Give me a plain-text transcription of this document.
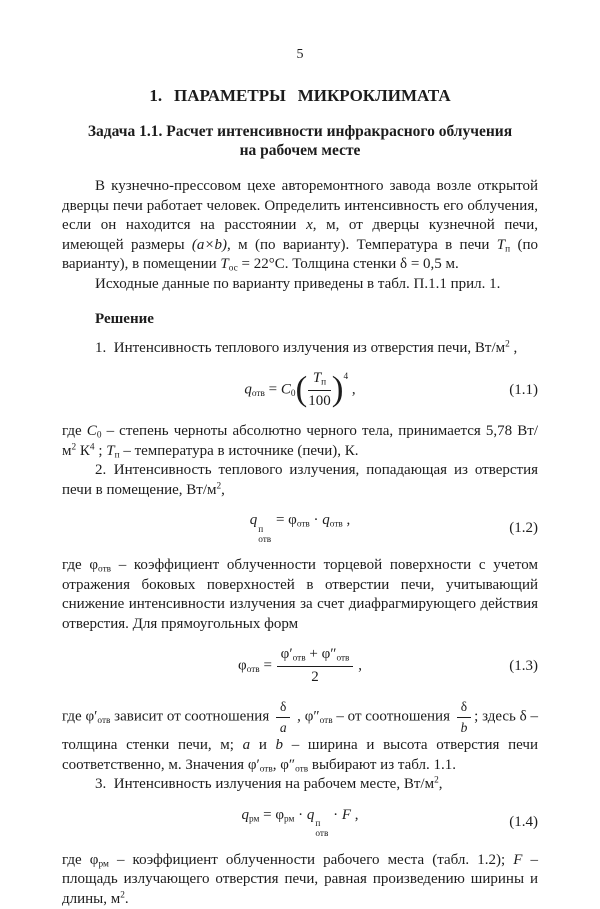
5
1. ПАРАМЕТРЫ МИКРОКЛИМАТА
Задача 1.1. Расчет интенсивности инфракрасного облучения
на рабочем месте

В кузнечно-прессовом цехе авторемонтного завода возле открытой дверцы печи работает человек. Определить интенсивность его облучения, если он находится на расстоянии x, м, от дверцы кузнечной печи, имеющей размеры (a×b), м (по варианту). Температура в печи $T_п$ (по варианту), в помещении $T_{ос} = 22^\circ С$. Толщина стенки δ = 0,5 м.

Исходные данные по варианту приведены в табл. П.1.1 прил. 1.

Решение

1. Интенсивность теплового излучения из отверстия печи, $Вт/м^2$ ,

$q_{отв} = C_0( \frac{T_п}{100} )^4$ ,	(1.1)

где $C_0$ – степень черноты абсолютно черного тела, принимается 5,78 $Вт/м^2$ $К^4$ ; $T_п$ – температура в источнике (печи), К.

2. Интенсивность теплового излучения, попадающая из отверстия печи в помещение, $Вт/м^2$,

q
п
отв
= $\varphi_{отв} \cdot q_{отв}$ ,	(1.2)

где $\varphi_{отв}$ – коэффициент облученности торцевой поверхности с учетом отражения боковых поверхностей в отверстии печи, учитывающий снижение интенсивности излучения за счет диафрагмирующего действия отверстия. Для прямоугольных форм

$\varphi_{отв} = \frac{\varphi'_{отв} + \varphi''_{отв}}{2}$ ,	(1.3)

где $\varphi'_{отв}$ зависит от соотношения $\frac{\delta}{a}$ , $\varphi''_{отв}$ – от соотношения $\frac{\delta}{b}$ ; здесь δ – толщина стенки печи, м; a и b – ширина и высота отверстия печи соответственно, м. Значения $\varphi'_{отв}$, $\varphi''_{отв}$ выбирают из табл. 1.1.

3. Интенсивность излучения на рабочем месте, $Вт/м^2$,

$q_{рм} = \varphi_{рм} \cdot q$
п
отв
· F ,	(1.4)

где $\varphi_{рм}$ – коэффициент облученности рабочего места (табл. 1.2); F – площадь излучающего отверстия печи, равная произведению ширины и длины, $м^2$.
